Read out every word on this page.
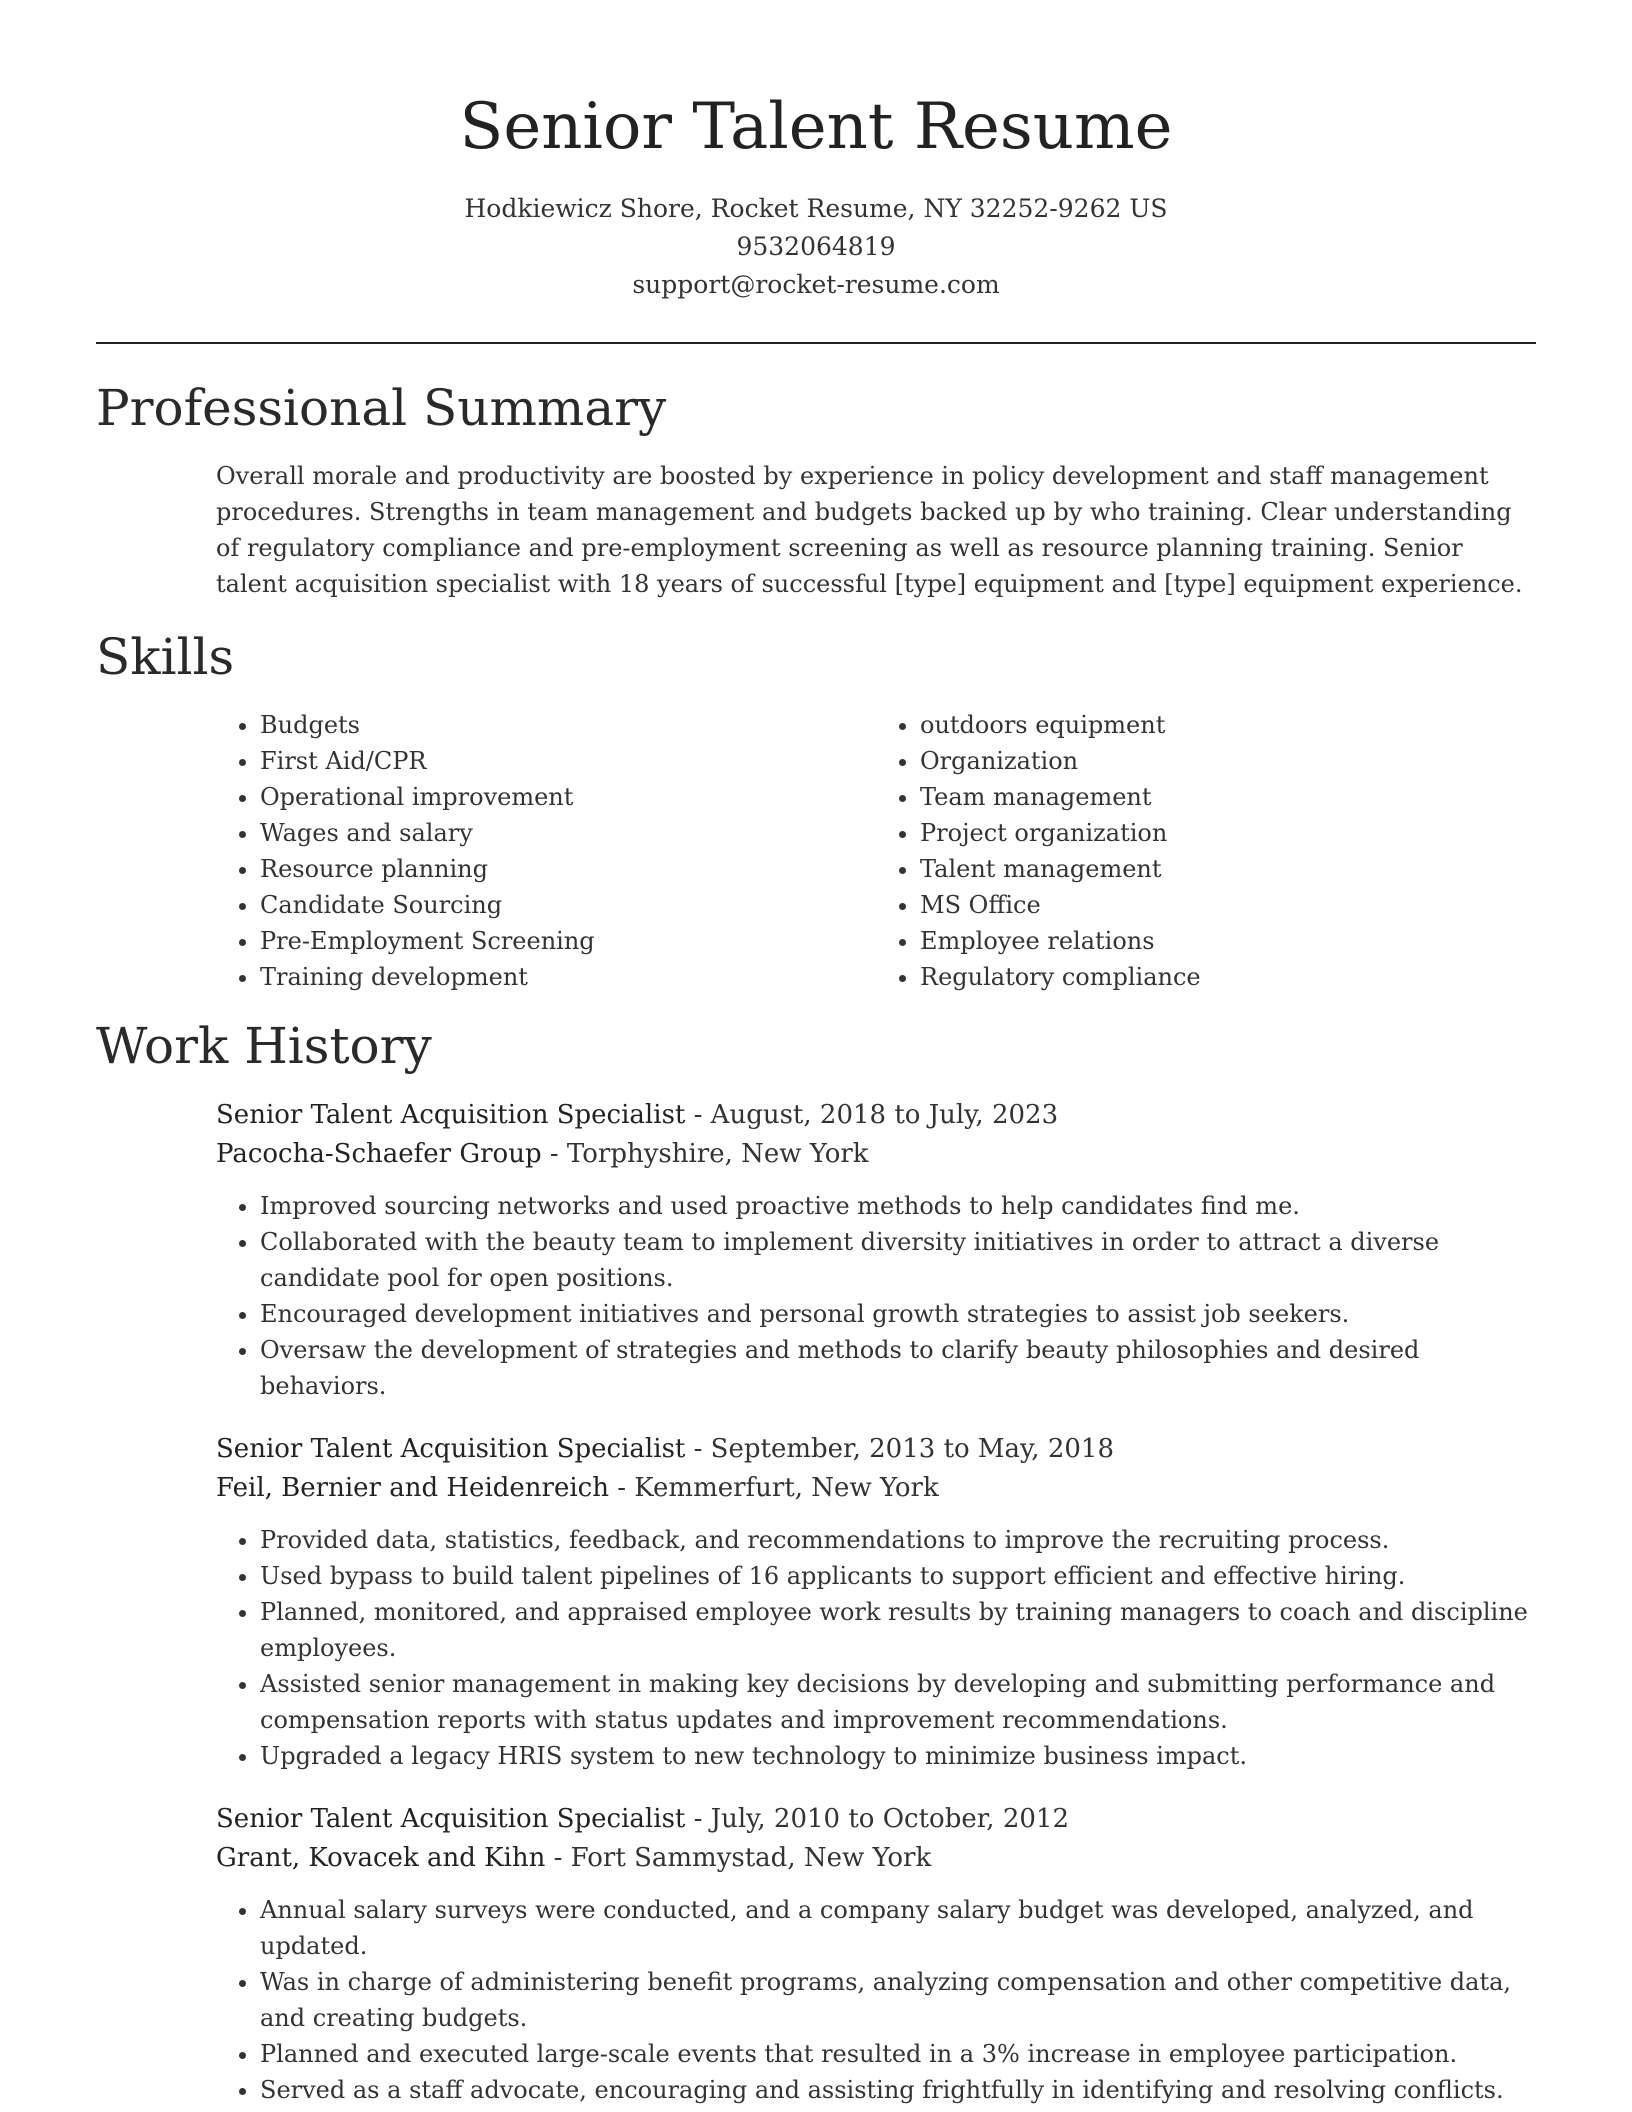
Senior Talent Resume
Hodkiewicz Shore, Rocket Resume, NY 32252-9262 US
9532064819
support@rocket-resume.com
Professional Summary
Overall morale and productivity are boosted by experience in policy development and staff management procedures. Strengths in team management and budgets backed up by who training. Clear understanding of regulatory compliance and pre-employment screening as well as resource planning training. Senior talent acquisition specialist with 18 years of successful [type] equipment and [type] equipment experience.
Skills
• Budgets
• First Aid/CPR
• Operational improvement
• Wages and salary
• Resource planning
• Candidate Sourcing
• Pre-Employment Screening
• Training development
• outdoors equipment
• Organization
• Team management
• Project organization
• Talent management
• MS Office
• Employee relations
• Regulatory compliance
Work History
Senior Talent Acquisition Specialist - August, 2018 to July, 2023
Pacocha-Schaefer Group - Torphyshire, New York
• Improved sourcing networks and used proactive methods to help candidates find me.
• Collaborated with the beauty team to implement diversity initiatives in order to attract a diverse candidate pool for open positions.
• Encouraged development initiatives and personal growth strategies to assist job seekers.
• Oversaw the development of strategies and methods to clarify beauty philosophies and desired behaviors.
Senior Talent Acquisition Specialist - September, 2013 to May, 2018
Feil, Bernier and Heidenreich - Kemmerfurt, New York
• Provided data, statistics, feedback, and recommendations to improve the recruiting process.
• Used bypass to build talent pipelines of 16 applicants to support efficient and effective hiring.
• Planned, monitored, and appraised employee work results by training managers to coach and discipline employees.
• Assisted senior management in making key decisions by developing and submitting performance and compensation reports with status updates and improvement recommendations.
• Upgraded a legacy HRIS system to new technology to minimize business impact.
Senior Talent Acquisition Specialist - July, 2010 to October, 2012
Grant, Kovacek and Kihn - Fort Sammystad, New York
• Annual salary surveys were conducted, and a company salary budget was developed, analyzed, and updated.
• Was in charge of administering benefit programs, analyzing compensation and other competitive data, and creating budgets.
• Planned and executed large-scale events that resulted in a 3% increase in employee participation.
• Served as a staff advocate, encouraging and assisting frightfully in identifying and resolving conflicts.
